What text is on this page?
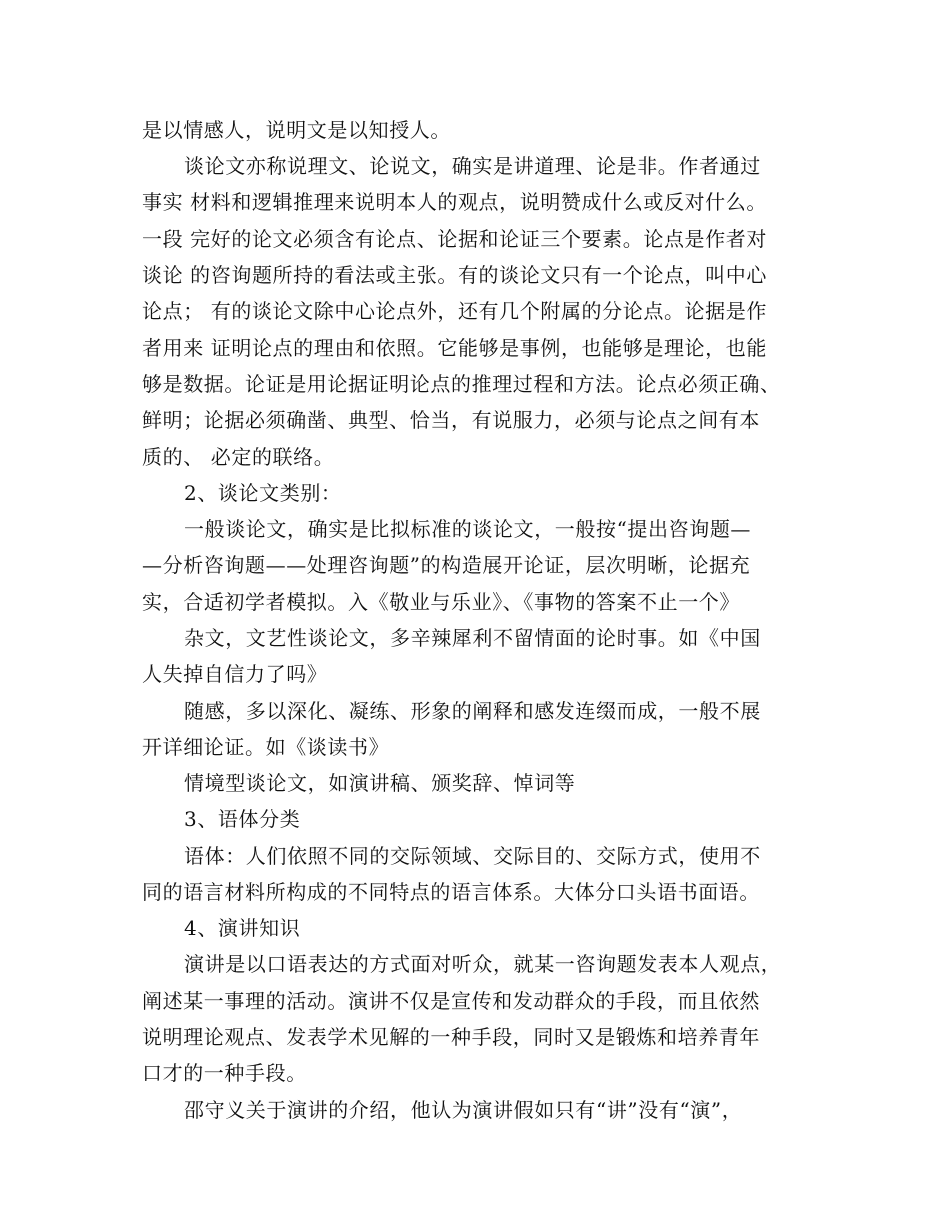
是以情感人，说明文是以知授人。
谈论文亦称说理文、论说文，确实是讲道理、论是非。作者通过
事实 材料和逻辑推理来说明本人的观点，说明赞成什么或反对什么。
一段 完好的论文必须含有论点、论据和论证三个要素。论点是作者对
谈论 的咨询题所持的看法或主张。有的谈论文只有一个论点，叫中心
论点； 有的谈论文除中心论点外，还有几个附属的分论点。论据是作
者用来 证明论点的理由和依照。它能够是事例，也能够是理论，也能
够是数据。论证是用论据证明论点的推理过程和方法。论点必须正确、
鲜明；论据必须确凿、典型、恰当，有说服力，必须与论点之间有本
质的、 必定的联络。
2、谈论文类别：
一般谈论文，确实是比拟标准的谈论文，一般按“提出咨询题—
—分析咨询题——处理咨询题”的构造展开论证，层次明晰，论据充
实，合适初学者模拟。入《敬业与乐业》、《事物的答案不止一个》
杂文，文艺性谈论文，多辛辣犀利不留情面的论时事。如《中国
人失掉自信力了吗》
随感，多以深化、凝练、形象的阐释和感发连缀而成，一般不展
开详细论证。如《谈读书》
情境型谈论文，如演讲稿、颁奖辞、悼词等
3、语体分类
语体：人们依照不同的交际领域、交际目的、交际方式，使用不
同的语言材料所构成的不同特点的语言体系。大体分口头语书面语。
4、演讲知识
演讲是以口语表达的方式面对听众，就某一咨询题发表本人观点，
阐述某一事理的活动。演讲不仅是宣传和发动群众的手段，而且依然
说明理论观点、发表学术见解的一种手段，同时又是锻炼和培养青年
口才的一种手段。
邵守义关于演讲的介绍，他认为演讲假如只有“讲”没有“演”，
